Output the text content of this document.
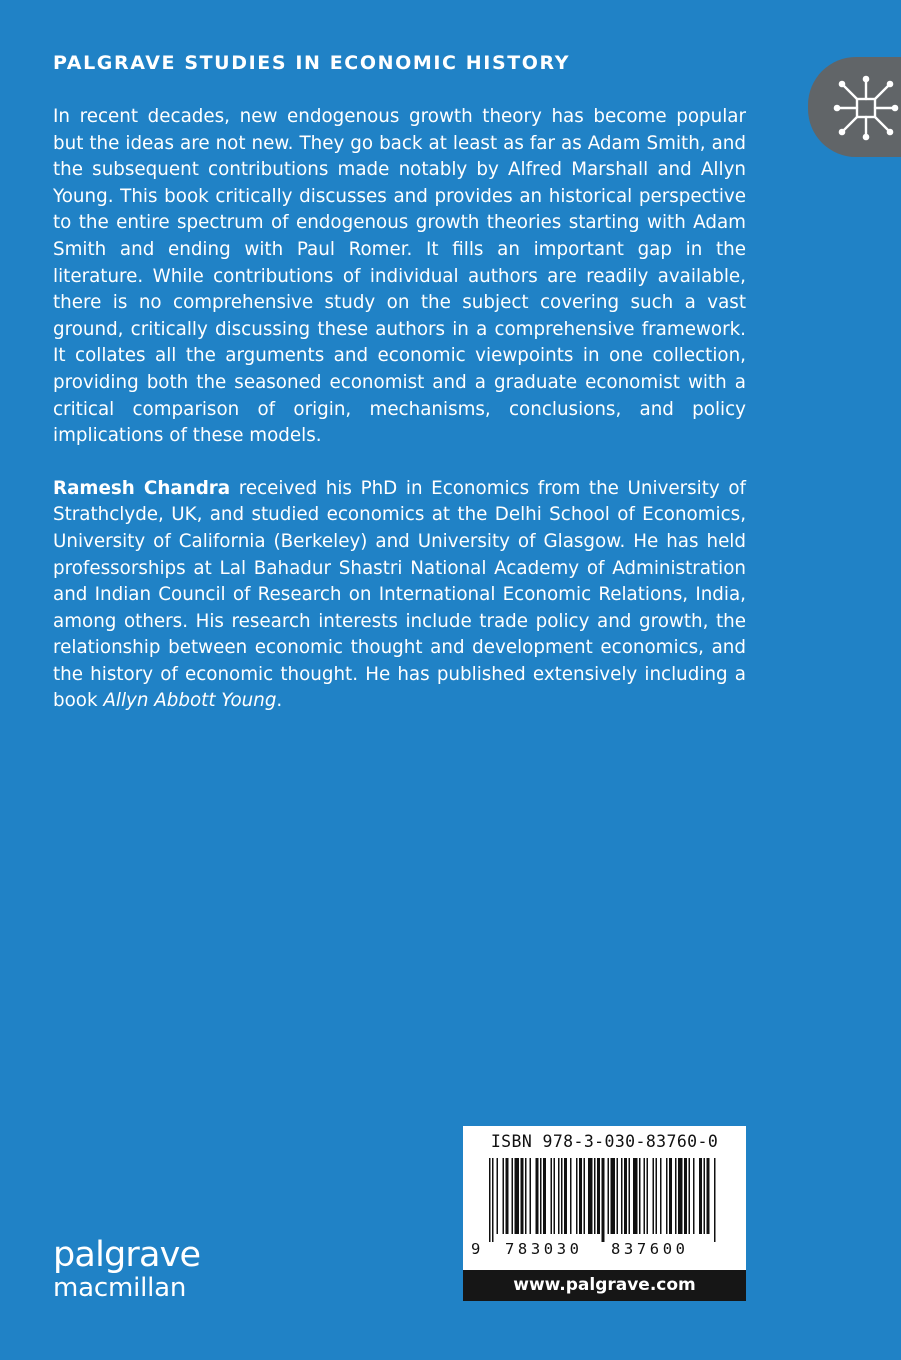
PALGRAVE STUDIES IN ECONOMIC HISTORY

In recent decades, new endogenous growth theory has become popular but the ideas are not new. They go back at least as far as Adam Smith, and the subsequent contributions made notably by Alfred Marshall and Allyn Young. This book critically discusses and provides an historical perspective to the entire spectrum of endogenous growth theories starting with Adam Smith and ending with Paul Romer. It fills an important gap in the literature. While contributions of individual authors are readily available, there is no comprehensive study on the subject covering such a vast ground, critically discussing these authors in a comprehensive framework. It collates all the arguments and economic viewpoints in one collection, providing both the seasoned economist and a graduate economist with a critical comparison of origin, mechanisms, conclusions, and policy implications of these models.

Ramesh Chandra received his PhD in Economics from the University of Strathclyde, UK, and studied economics at the Delhi School of Economics, University of California (Berkeley) and University of Glasgow. He has held professorships at Lal Bahadur Shastri National Academy of Administration and Indian Council of Research on International Economic Relations, India, among others. His research interests include trade policy and growth, the relationship between economic thought and development economics, and the history of economic thought. He has published extensively including a book Allyn Abbott Young.

ISBN 978-3-030-83760-0
9 783030 837600
www.palgrave.com
palgrave
macmillan
